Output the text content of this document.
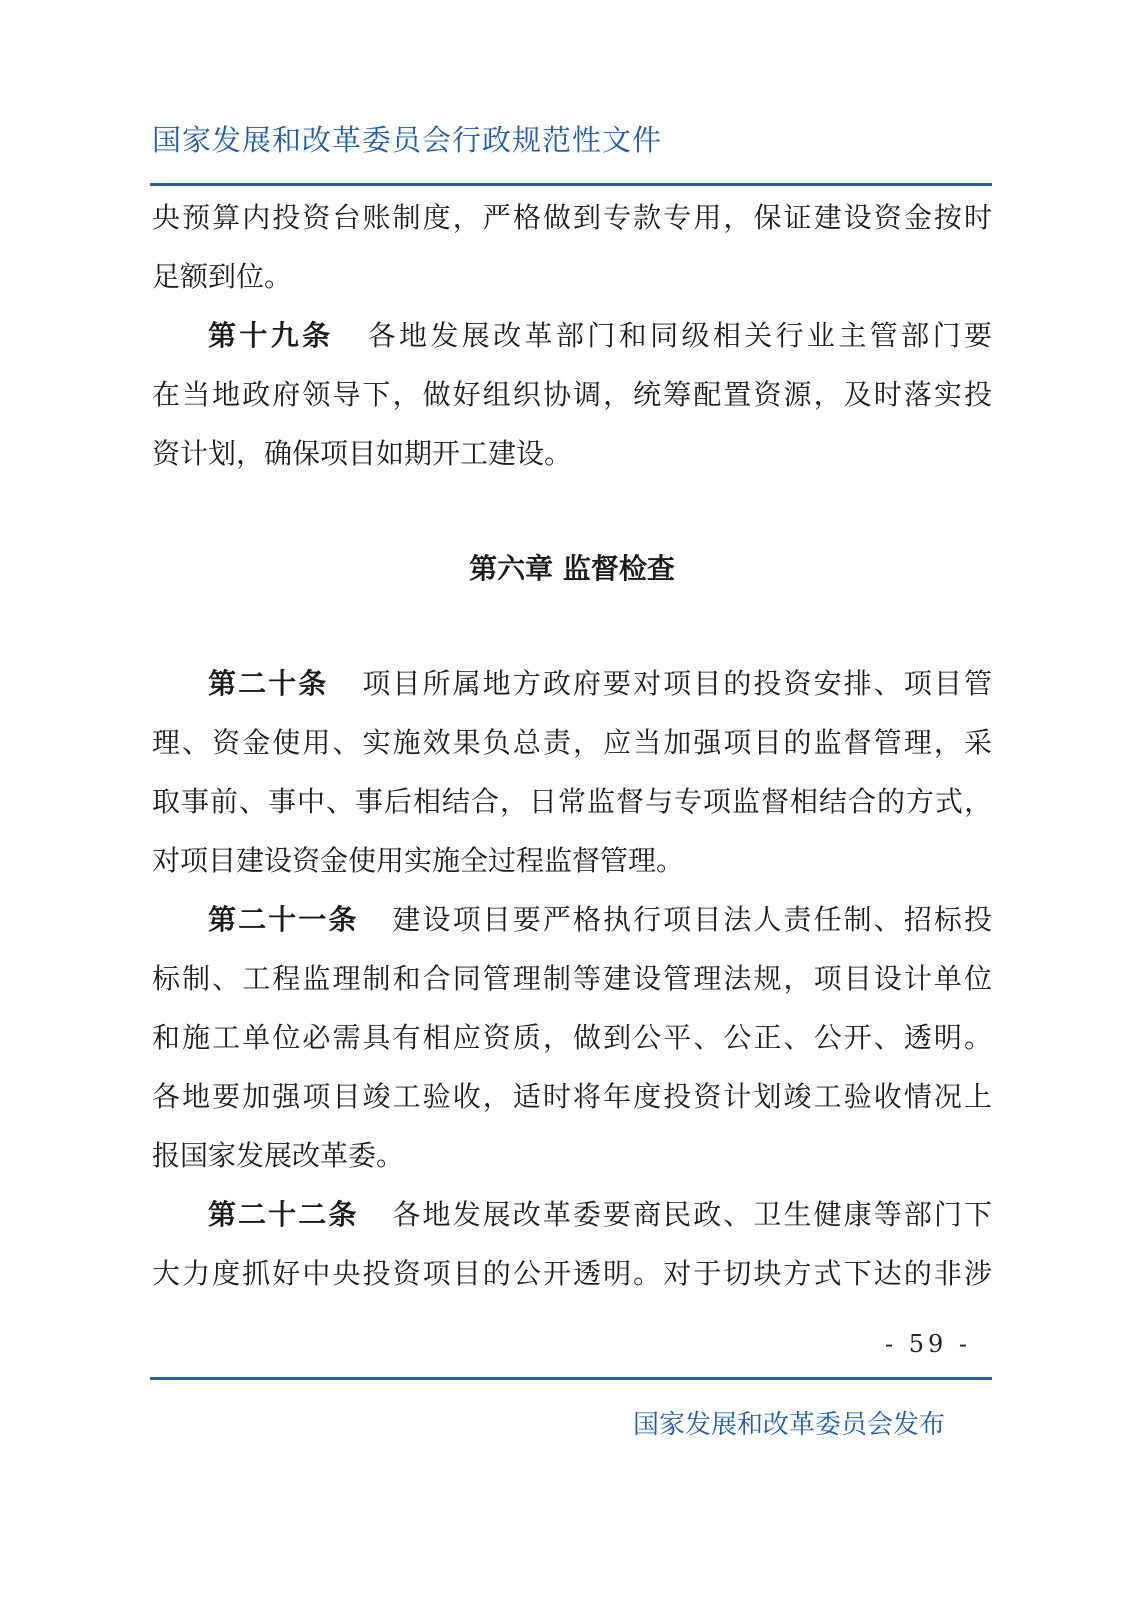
国家发展和改革委员会行政规范性文件
央预算内投资台账制度，严格做到专款专用，保证建设资金按时
足额到位。
第十九条 各地发展改革部门和同级相关行业主管部门要
在当地政府领导下，做好组织协调，统筹配置资源，及时落实投
资计划，确保项目如期开工建设。
第六章 监督检查
第二十条 项目所属地方政府要对项目的投资安排、项目管
理、资金使用、实施效果负总责，应当加强项目的监督管理，采
取事前、事中、事后相结合，日常监督与专项监督相结合的方式，
对项目建设资金使用实施全过程监督管理。
第二十一条 建设项目要严格执行项目法人责任制、招标投
标制、工程监理制和合同管理制等建设管理法规，项目设计单位
和施工单位必需具有相应资质，做到公平、公正、公开、透明。
各地要加强项目竣工验收，适时将年度投资计划竣工验收情况上
报国家发展改革委。
第二十二条 各地发展改革委要商民政、卫生健康等部门下
大力度抓好中央投资项目的公开透明。对于切块方式下达的非涉
- 59 -
国家发展和改革委员会发布
